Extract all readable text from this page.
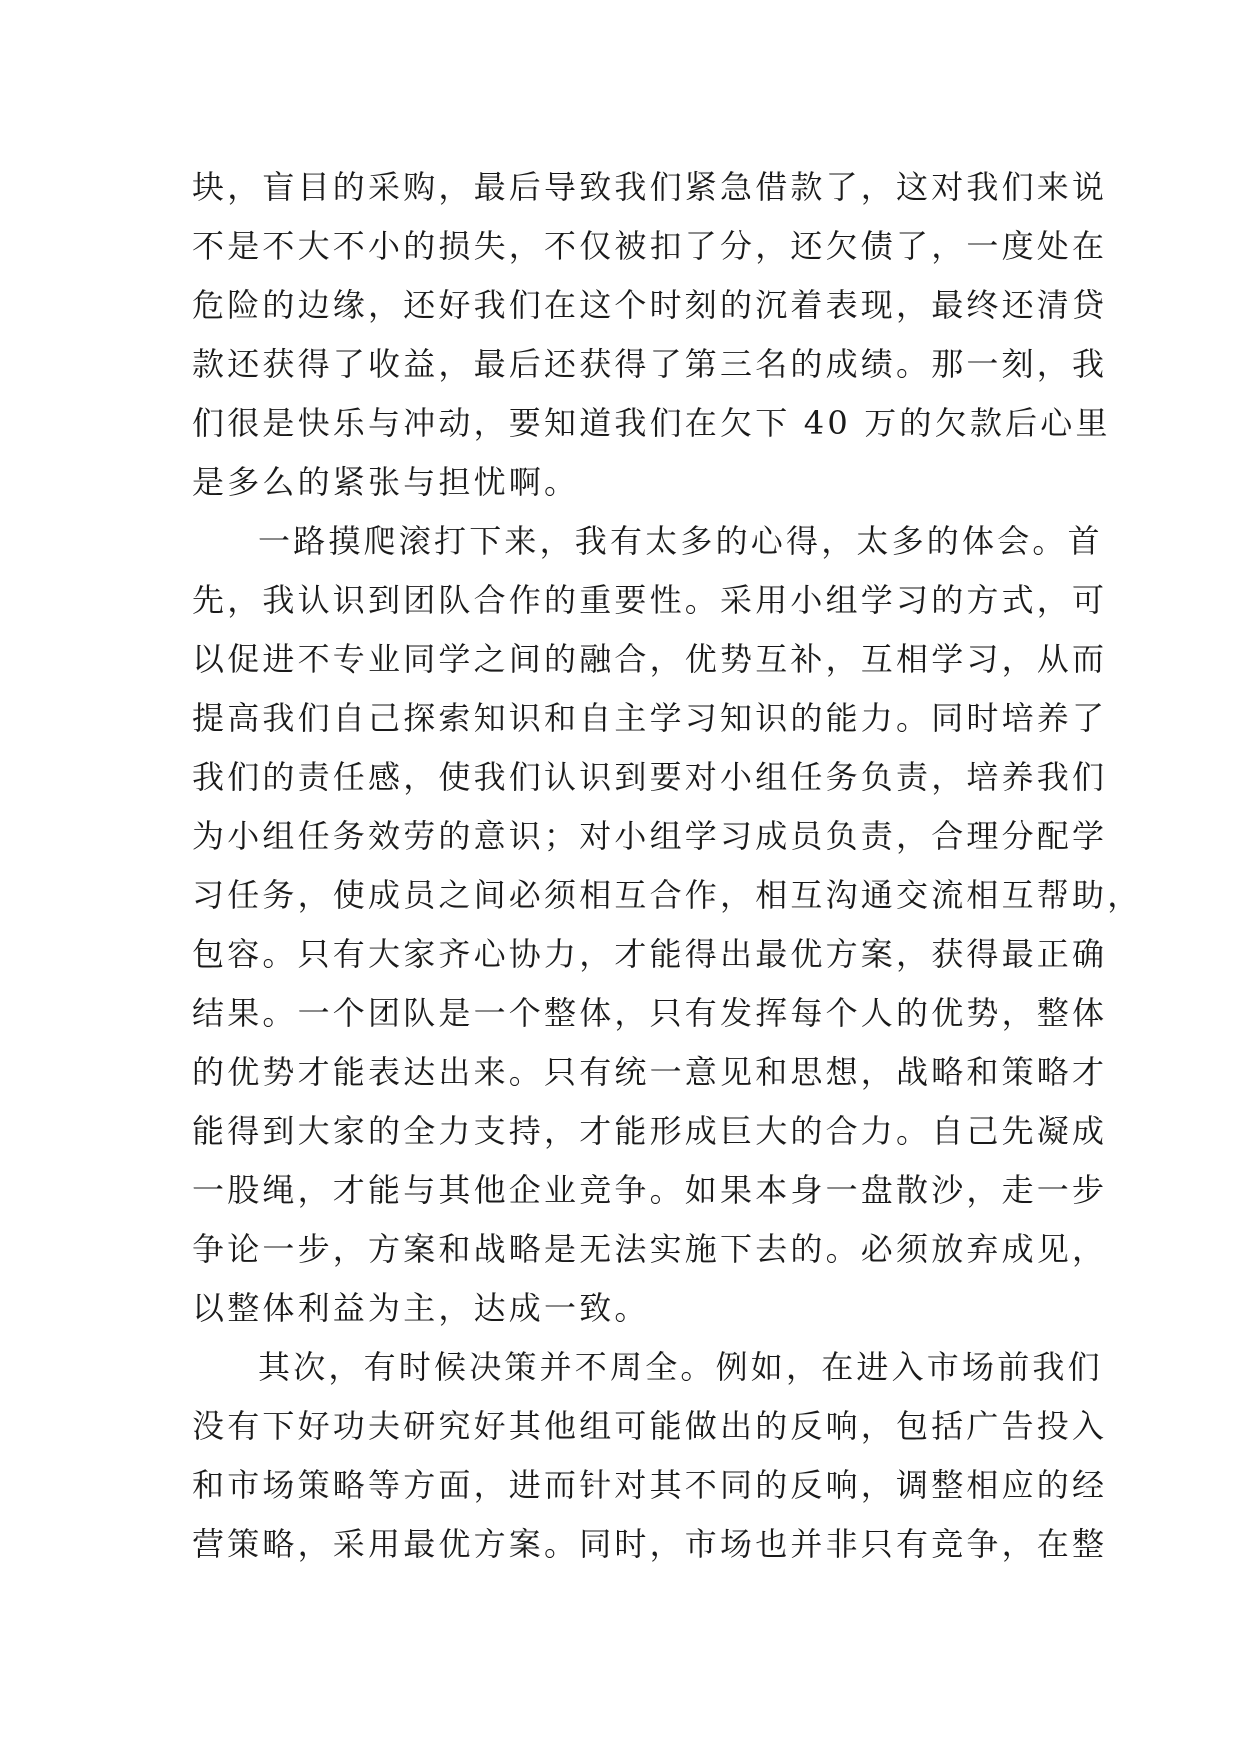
块，盲目的采购，最后导致我们紧急借款了，这对我们来说
不是不大不小的损失，不仅被扣了分，还欠债了，一度处在
危险的边缘，还好我们在这个时刻的沉着表现，最终还清贷
款还获得了收益，最后还获得了第三名的成绩。那一刻，我
们很是快乐与冲动，要知道我们在欠下 40 万的欠款后心里
是多么的紧张与担忧啊。
一路摸爬滚打下来，我有太多的心得，太多的体会。首
先，我认识到团队合作的重要性。采用小组学习的方式，可
以促进不专业同学之间的融合，优势互补，互相学习，从而
提高我们自己探索知识和自主学习知识的能力。同时培养了
我们的责任感，使我们认识到要对小组任务负责，培养我们
为小组任务效劳的意识；对小组学习成员负责，合理分配学
习任务，使成员之间必须相互合作，相互沟通交流相互帮助，
包容。只有大家齐心协力，才能得出最优方案，获得最正确
结果。一个团队是一个整体，只有发挥每个人的优势，整体
的优势才能表达出来。只有统一意见和思想，战略和策略才
能得到大家的全力支持，才能形成巨大的合力。自己先凝成
一股绳，才能与其他企业竞争。如果本身一盘散沙，走一步
争论一步，方案和战略是无法实施下去的。必须放弃成见，
以整体利益为主，达成一致。
其次，有时候决策并不周全。例如，在进入市场前我们
没有下好功夫研究好其他组可能做出的反响，包括广告投入
和市场策略等方面，进而针对其不同的反响，调整相应的经
营策略，采用最优方案。同时，市场也并非只有竞争，在整
